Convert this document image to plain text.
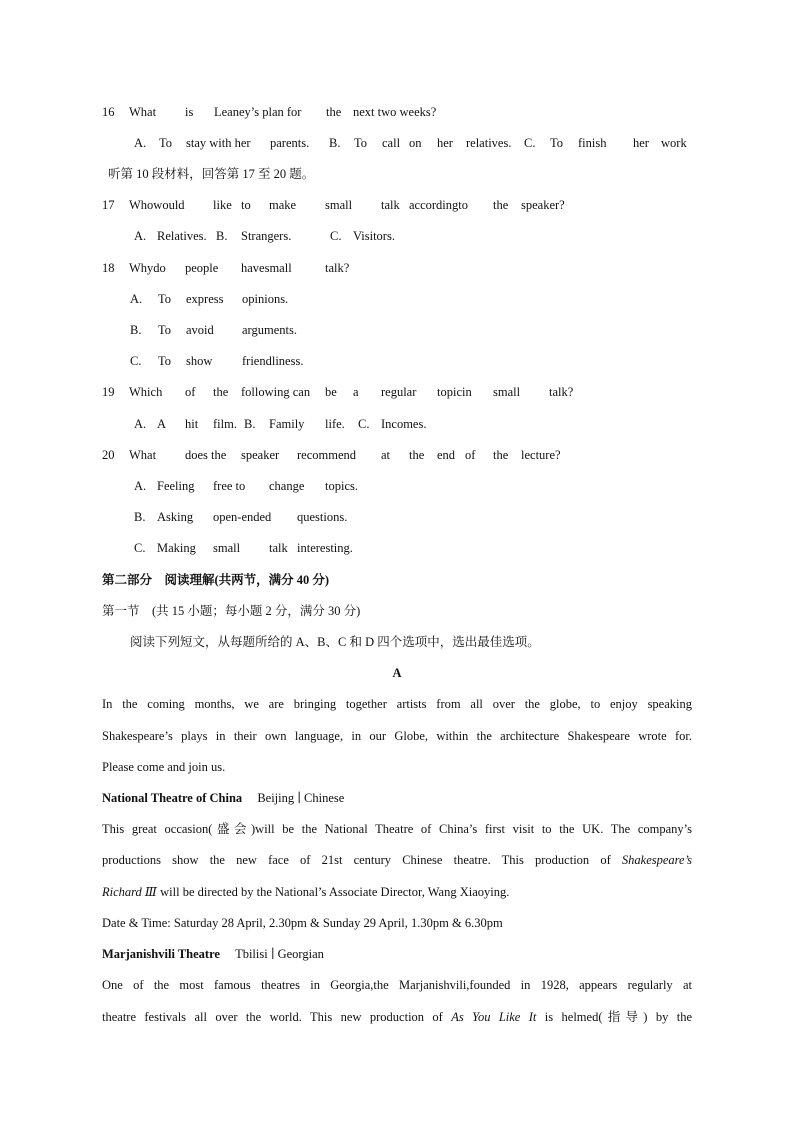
16 What is Leaney’s plan for the next two weeks?
A. To stay with her parents. B. To call on her relatives. C. To finish her work
听第 10 段材料，回答第 17 至 20 题。
17 Whowould like to make small talk accordingto the speaker?
A. Relatives. B. Strangers.	C. Visitors.
18 Whydo people havesmall	talk?
A. To express opinions.
B. To avoid arguments.
C. To show friendliness.
19 Which of the following can be a regular topicin small talk?
A. A hit film. B. Family life. C. Incomes.
20 What does the speaker recommend at the end of the lecture?
A. Feeling free to change topics.
B. Asking open-ended questions.
C. Making small talk interesting.
第二部分　阅读理解(共两节，满分 40 分)
第一节　(共 15 小题；每小题 2 分，满分 30 分)
阅读下列短文，从每题所给的 A、B、C 和 D 四个选项中，选出最佳选项。
A
In the coming months, we are bringing together artists from all over the globe, to enjoy speaking
Shakespeare’s plays in their own language, in our Globe, within the architecture Shakespeare wrote for.
Please come and join us.
National Theatre of China Beijing ∣ Chinese
This great occasion(盛会)will be the National Theatre of China’s first visit to the UK. The company’s
productions show the new face of 21st century Chinese theatre. This production of Shakespeare’s
Richard Ⅲ will be directed by the National’s Associate Director, Wang Xiaoying.
Date & Time: Saturday 28 April, 2.30pm & Sunday 29 April, 1.30pm & 6.30pm
Marjanishvili Theatre Tbilisi ∣ Georgian
One of the most famous theatres in Georgia,the Marjanishvili,founded in 1928, appears regularly at
theatre festivals all over the world. This new production of As You Like It is helmed(指导) by the
